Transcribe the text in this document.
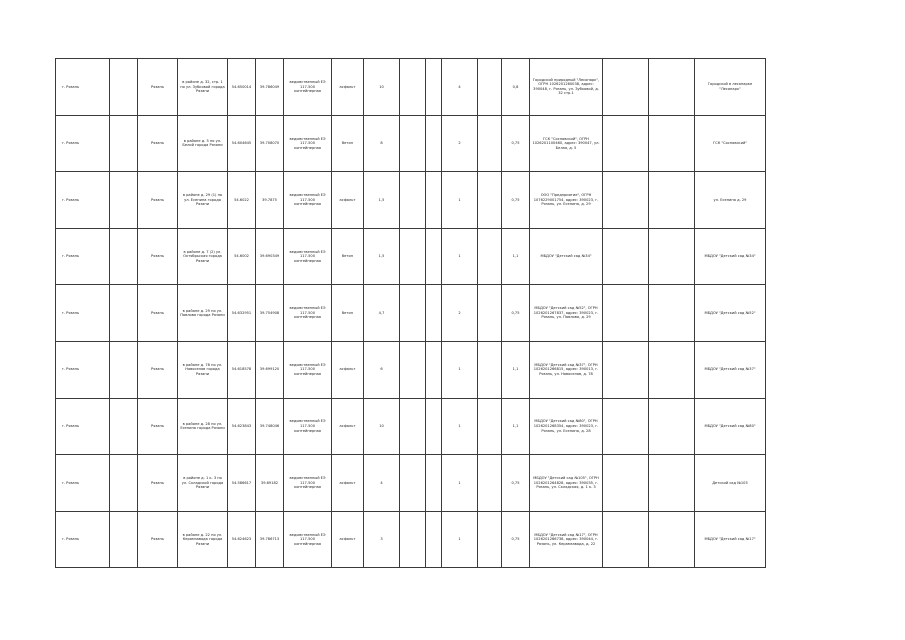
г. Рязань		Рязань	в районе д. 32, стр. 1 по ул. Зубковой города Рязани	54.650014	39.786049	ведомственный ЕЭ 117-500 контейнерная	асфальт	10			4		0,8	Городской природный "Лесопарк", ОГРН 1026201260038, адрес: 390048, г. Рязань, ул. Зубковой, д. 32 стр.1			Городской в лесопарке "Лесопарк"
г. Рязань		Рязань	в районе д. 5 по ул. Белой города Рязани	54.604645	39.708070	ведомственный ЕЭ 117-500 контейнерная	бетон	8			2		0,75	ГСК "Сосновский", ОГРН 1026201100460, адрес: 390047, ул. Белая, д. 5			ГСК "Сосновский"
г. Рязань		Рязань	в районе д. 29 (1) по ул. Есенина города Рязани	54.6022	39.7875	ведомственный ЕЭ 117-500 контейнерная	асфальт	1,5			1		0,75	ООО "Предприятие", ОГРН 1076229001754, адрес: 390023, г. Рязань, ул. Есенина, д. 29			ул. Есенина д. 29
г. Рязань		Рязань	в районе д. 7 (2) ул. Октябрьская города Рязани	54.6002	39.690349	ведомственный ЕЭ 117-500 контейнерная	бетон	1,5			1		1,1	МБДОУ "Детский сад №34"			МБДОУ "Детский сад №34"
г. Рязань		Рязань	в районе д. 29 по ул. Павлова города Рязани	54.632951	39.754908	ведомственный ЕЭ 117-500 контейнерная	бетон	4,7			2		0,75	МБДОУ "Детский сад №52", ОГРН 1026201267837, адрес: 390023, г. Рязань, ул. Павлова, д. 29			МБДОУ "Детский сад №52"
г. Рязань		Рязань	в районе д. 78 по ул. Новоселов города Рязани	54.618578	39.699120	ведомственный ЕЭ 117-500 контейнерная	асфальт	6			1		1,1	МБДОУ "Детский сад №37", ОГРН 1026201266815, адрес: 390013, г. Рязань, ул. Новоселов, д. 78			МБДОУ "Детский сад №37"
г. Рязань		Рязань	в районе д. 28 по ул. Есенина города Рязани	54.623843	39.748046	ведомственный ЕЭ 117-500 контейнерная	асфальт	10			1		1,1	МБДОУ "Детский сад №80", ОГРН 1026201268354, адрес: 390023, г. Рязань, ул. Есенина, д. 28			МБДОУ "Детский сад №80"
г. Рязань		Рязань	в районе д. 1 к. 3 по ул. Складской города Рязани	54.586617	39.69182	ведомственный ЕЭ 117-500 контейнерная	асфальт	4			1		0,75	МБДОУ "Детский сад №105", ОГРН 1026201264828, адрес: 390035, г. Рязань, ул. Складская, д. 1 к. 3			Детский сад №105
г. Рязань		Рязань	в районе д. 22 по ул. Керамзавода города Рязани	54.624623	39.786713	ведомственный ЕЭ 117-500 контейнерная	асфальт	3			1		0,75	МБДОУ "Детский сад №17", ОГРН 1026201266738, адрес: 390044, г. Рязань, ул. Керамзавода, д. 22			МБДОУ "Детский сад №17"
